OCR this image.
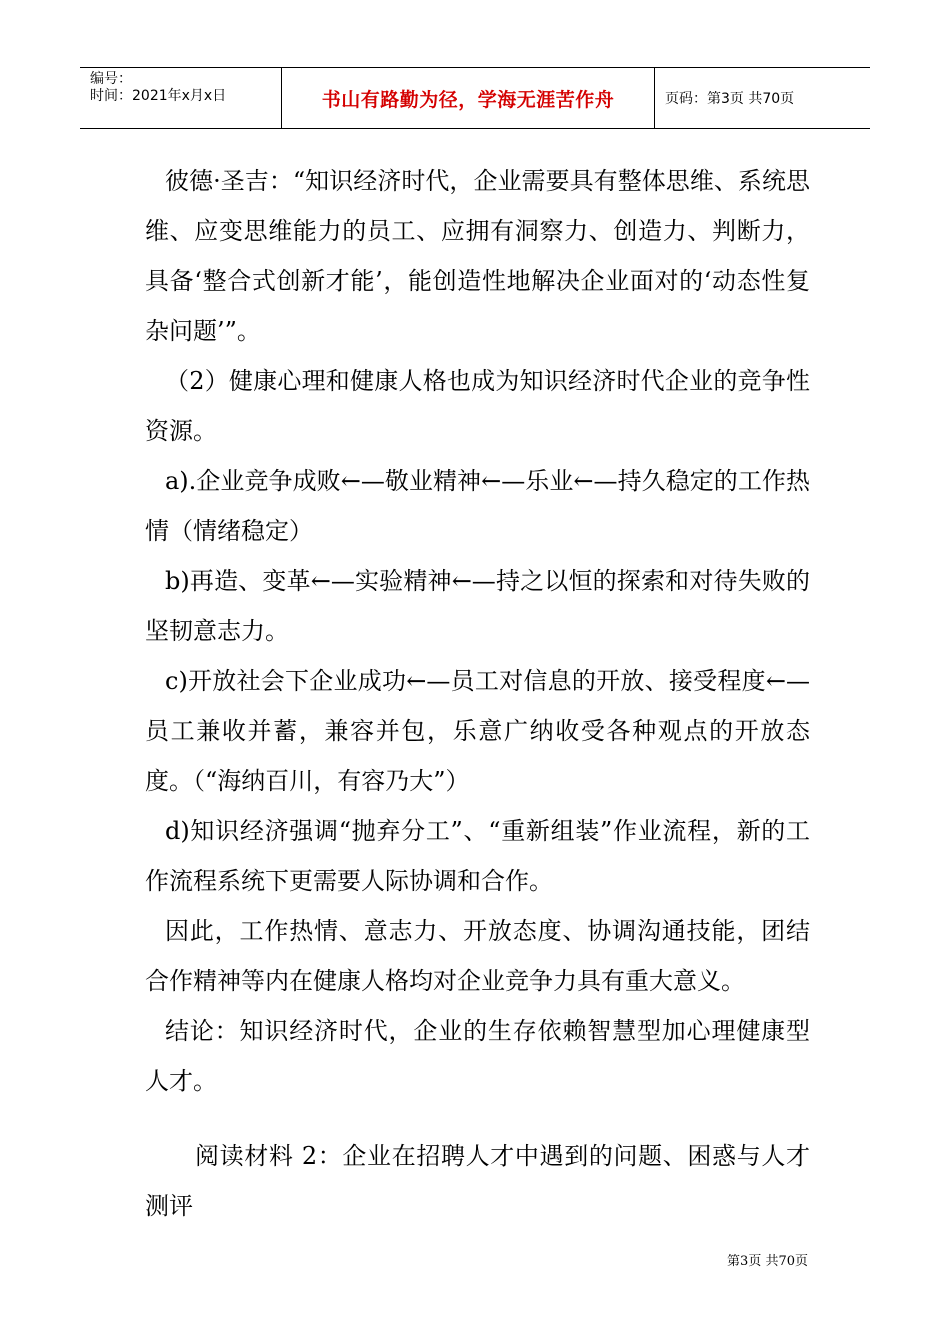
编号：
时间：2021年x月x日	书山有路勤为径，学海无涯苦作舟	页码：第3页 共70页

彼德·圣吉：“知识经济时代，企业需要具有整体思维、系统思维、应变思维能力的员工、应拥有洞察力、创造力、判断力，具备‘整合式创新才能’，能创造性地解决企业面对的‘动态性复杂问题’”。

（2）健康心理和健康人格也成为知识经济时代企业的竞争性资源。

a).企业竞争成败←—敬业精神←—乐业←—持久稳定的工作热情（情绪稳定）

b)再造、变革←—实验精神←—持之以恒的探索和对待失败的坚韧意志力。

c)开放社会下企业成功←—员工对信息的开放、接受程度←—员工兼收并蓄，兼容并包，乐意广纳收受各种观点的开放态度。（“海纳百川，有容乃大”）

d)知识经济强调“抛弃分工”、“重新组装”作业流程，新的工作流程系统下更需要人际协调和合作。

因此，工作热情、意志力、开放态度、协调沟通技能，团结合作精神等内在健康人格均对企业竞争力具有重大意义。

结论：知识经济时代，企业的生存依赖智慧型加心理健康型人才。

阅读材料 2：企业在招聘人才中遇到的问题、困惑与人才测评

第3页 共70页
